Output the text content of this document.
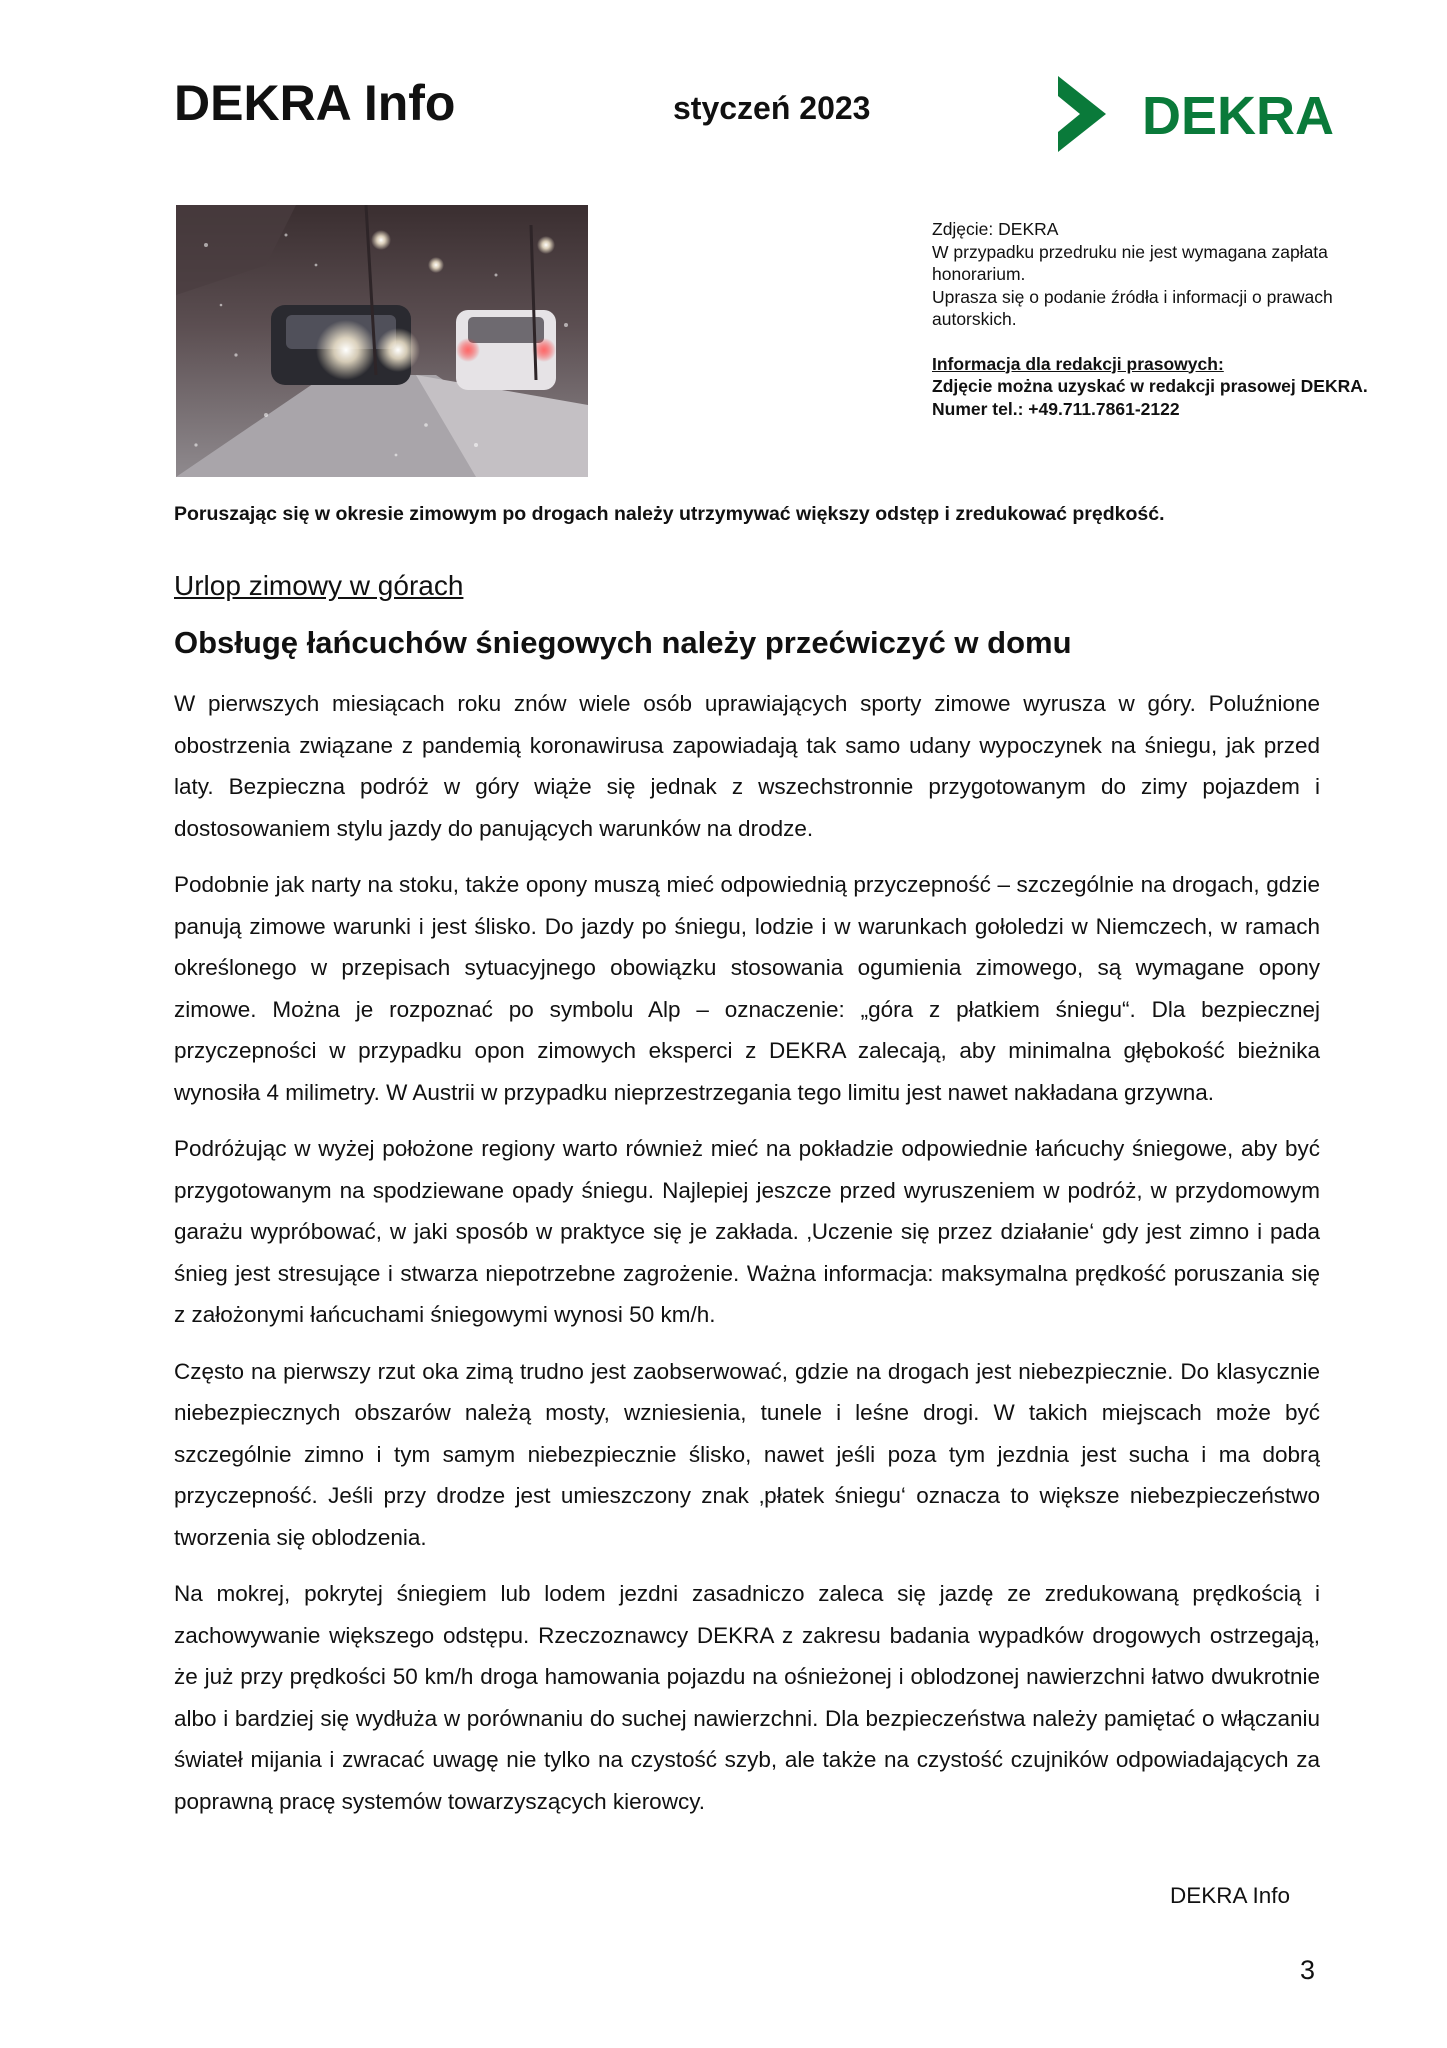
DEKRA Info	styczeń 2023	DEKRA

Zdjęcie: DEKRA

W przypadku przedruku nie jest wymagana zapłata honorarium.

Uprasza się o podanie źródła i informacji o prawach autorskich.

Informacja dla redakcji prasowych:

Zdjęcie można uzyskać w redakcji prasowej DEKRA.

Numer tel.: +49.711.7861-2122

Poruszając się w okresie zimowym po drogach należy utrzymywać większy odstęp i zredukować prędkość.
Urlop zimowy w górach
Obsługę łańcuchów śniegowych należy przećwiczyć w domu

W pierwszych miesiącach roku znów wiele osób uprawiających sporty zimowe wyrusza w góry. Poluźnione obostrzenia związane z pandemią koronawirusa zapowiadają tak samo udany wypoczynek na śniegu, jak przed laty. Bezpieczna podróż w góry wiąże się jednak z wszechstronnie przygotowanym do zimy pojazdem i dostosowaniem stylu jazdy do panujących warunków na drodze.

Podobnie jak narty na stoku, także opony muszą mieć odpowiednią przyczepność – szczególnie na drogach, gdzie panują zimowe warunki i jest ślisko. Do jazdy po śniegu, lodzie i w warunkach gołoledzi w Niemczech, w ramach określonego w przepisach sytuacyjnego obowiązku stosowania ogumienia zimowego, są wymagane opony zimowe. Można je rozpoznać po symbolu Alp – oznaczenie: „góra z płatkiem śniegu“. Dla bezpiecznej przyczepności w przypadku opon zimowych eksperci z DEKRA zalecają, aby minimalna głębokość bieżnika wynosiła 4 milimetry. W Austrii w przypadku nieprzestrzegania tego limitu jest nawet nakładana grzywna.

Podróżując w wyżej położone regiony warto również mieć na pokładzie odpowiednie łańcuchy śniegowe, aby być przygotowanym na spodziewane opady śniegu. Najlepiej jeszcze przed wyruszeniem w podróż, w przydomowym garażu wypróbować, w jaki sposób w praktyce się je zakłada. ‚Uczenie się przez działanie‘ gdy jest zimno i pada śnieg jest stresujące i stwarza niepotrzebne zagrożenie. Ważna informacja: maksymalna prędkość poruszania się z założonymi łańcuchami śniegowymi wynosi 50 km/h.

Często na pierwszy rzut oka zimą trudno jest zaobserwować, gdzie na drogach jest niebezpiecznie. Do klasycznie niebezpiecznych obszarów należą mosty, wzniesienia, tunele i leśne drogi. W takich miejscach może być szczególnie zimno i tym samym niebezpiecznie ślisko, nawet jeśli poza tym jezdnia jest sucha i ma dobrą przyczepność. Jeśli przy drodze jest umieszczony znak ‚płatek śniegu‘ oznacza to większe niebezpieczeństwo tworzenia się oblodzenia.

Na mokrej, pokrytej śniegiem lub lodem jezdni zasadniczo zaleca się jazdę ze zredukowaną prędkością i zachowywanie większego odstępu. Rzeczoznawcy DEKRA z zakresu badania wypadków drogowych ostrzegają, że już przy prędkości 50 km/h droga hamowania pojazdu na ośnieżonej i oblodzonej nawierzchni łatwo dwukrotnie albo i bardziej się wydłuża w porównaniu do suchej nawierzchni. Dla bezpieczeństwa należy pamiętać o włączaniu świateł mijania i zwracać uwagę nie tylko na czystość szyb, ale także na czystość czujników odpowiadających za poprawną pracę systemów towarzyszących kierowcy.

DEKRA Info
3
